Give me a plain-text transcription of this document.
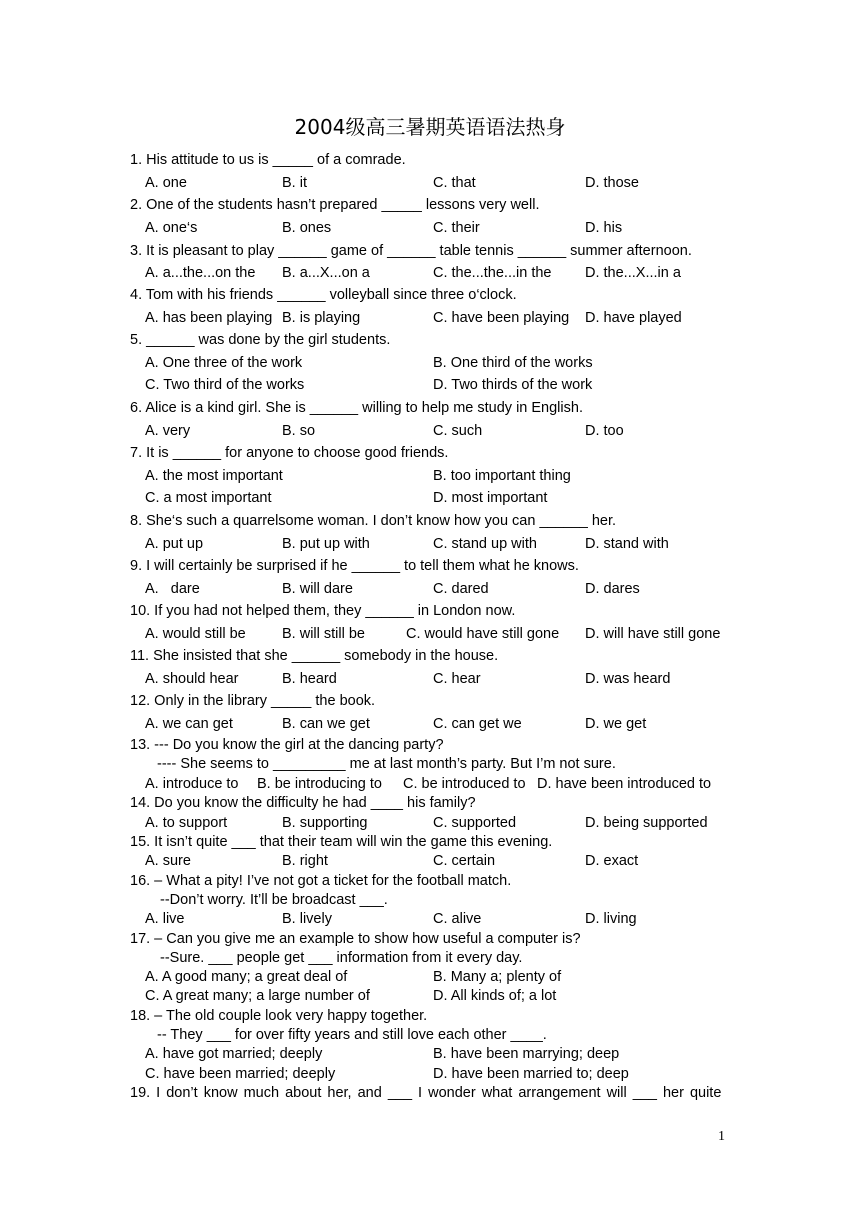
2004级高三暑期英语语法热身
1. His attitude to us is _____ of a comrade.
A. one	B. it	C. that	D. those
2. One of the students hasn’t prepared _____ lessons very well.
A. one‘s	B. ones	C. their	D. his
3. It is pleasant to play ______ game of ______ table tennis ______ summer afternoon.
A. a...the...on the B. a...X...on a	C. the...the...in the D. the...X...in a
4. Tom with his friends ______ volleyball since three o‘clock.
A. has been playing B. is playing	C. have been playing D. have played
5. ______ was done by the girl students.
A. One three of the work	B. One third of the works
C. Two third of the works	D. Two thirds of the work
6. Alice is a kind girl. She is ______ willing to help me study in English.
A. very	B. so	C. such	D. too
7. It is ______ for anyone to choose good friends.
A. the most important	B. too important thing
C. a most important	D. most important
8. She‘s such a quarrelsome woman. I don’t know how you can ______ her.
A. put up	B. put up with	C. stand up with	D. stand with
9. I will certainly be surprised if he ______ to tell them what he knows.
A.   dare	B. will dare	C. dared	D. dares
10. If you had not helped them, they ______ in London now.
A. would still be	B. will still be	C. would have still gone D. will have still gone
11. She insisted that she ______ somebody in the house.
A. should hear	B. heard	C. hear	D. was heard
12. Only in the library _____ the book.
A. we can get	B. can we get	C. can get we	D. we get
13. --- Do you know the girl at the dancing party?
---- She seems to _________ me at last month’s party. But I’m not sure.
A. introduce to B. be introducing to C. be introduced to D. have been introduced to
14. Do you know the difficulty he had ____ his family?
A. to support	B. supporting	C. supported	D. being supported
15. It isn’t quite ___ that their team will win the game this evening.
A. sure	B. right	C. certain	D. exact
16. – What a pity! I’ve not got a ticket for the football match.
--Don’t worry. It’ll be broadcast ___.
A. live	B. lively	C. alive	D. living
17. – Can you give me an example to show how useful a computer is?
--Sure. ___ people get ___ information from it every day.
A. A good many; a great deal of	B. Many a; plenty of
C. A great many; a large number of	D. All kinds of; a lot
18. – The old couple look very happy together.
-- They ___ for over fifty years and still love each other ____.
A. have got married; deeply	B. have been marrying; deep
C. have been married; deeply	D. have been married to; deep
19. I don’t know much about her, and ___ I wonder what arrangement will ___ her quite
1
